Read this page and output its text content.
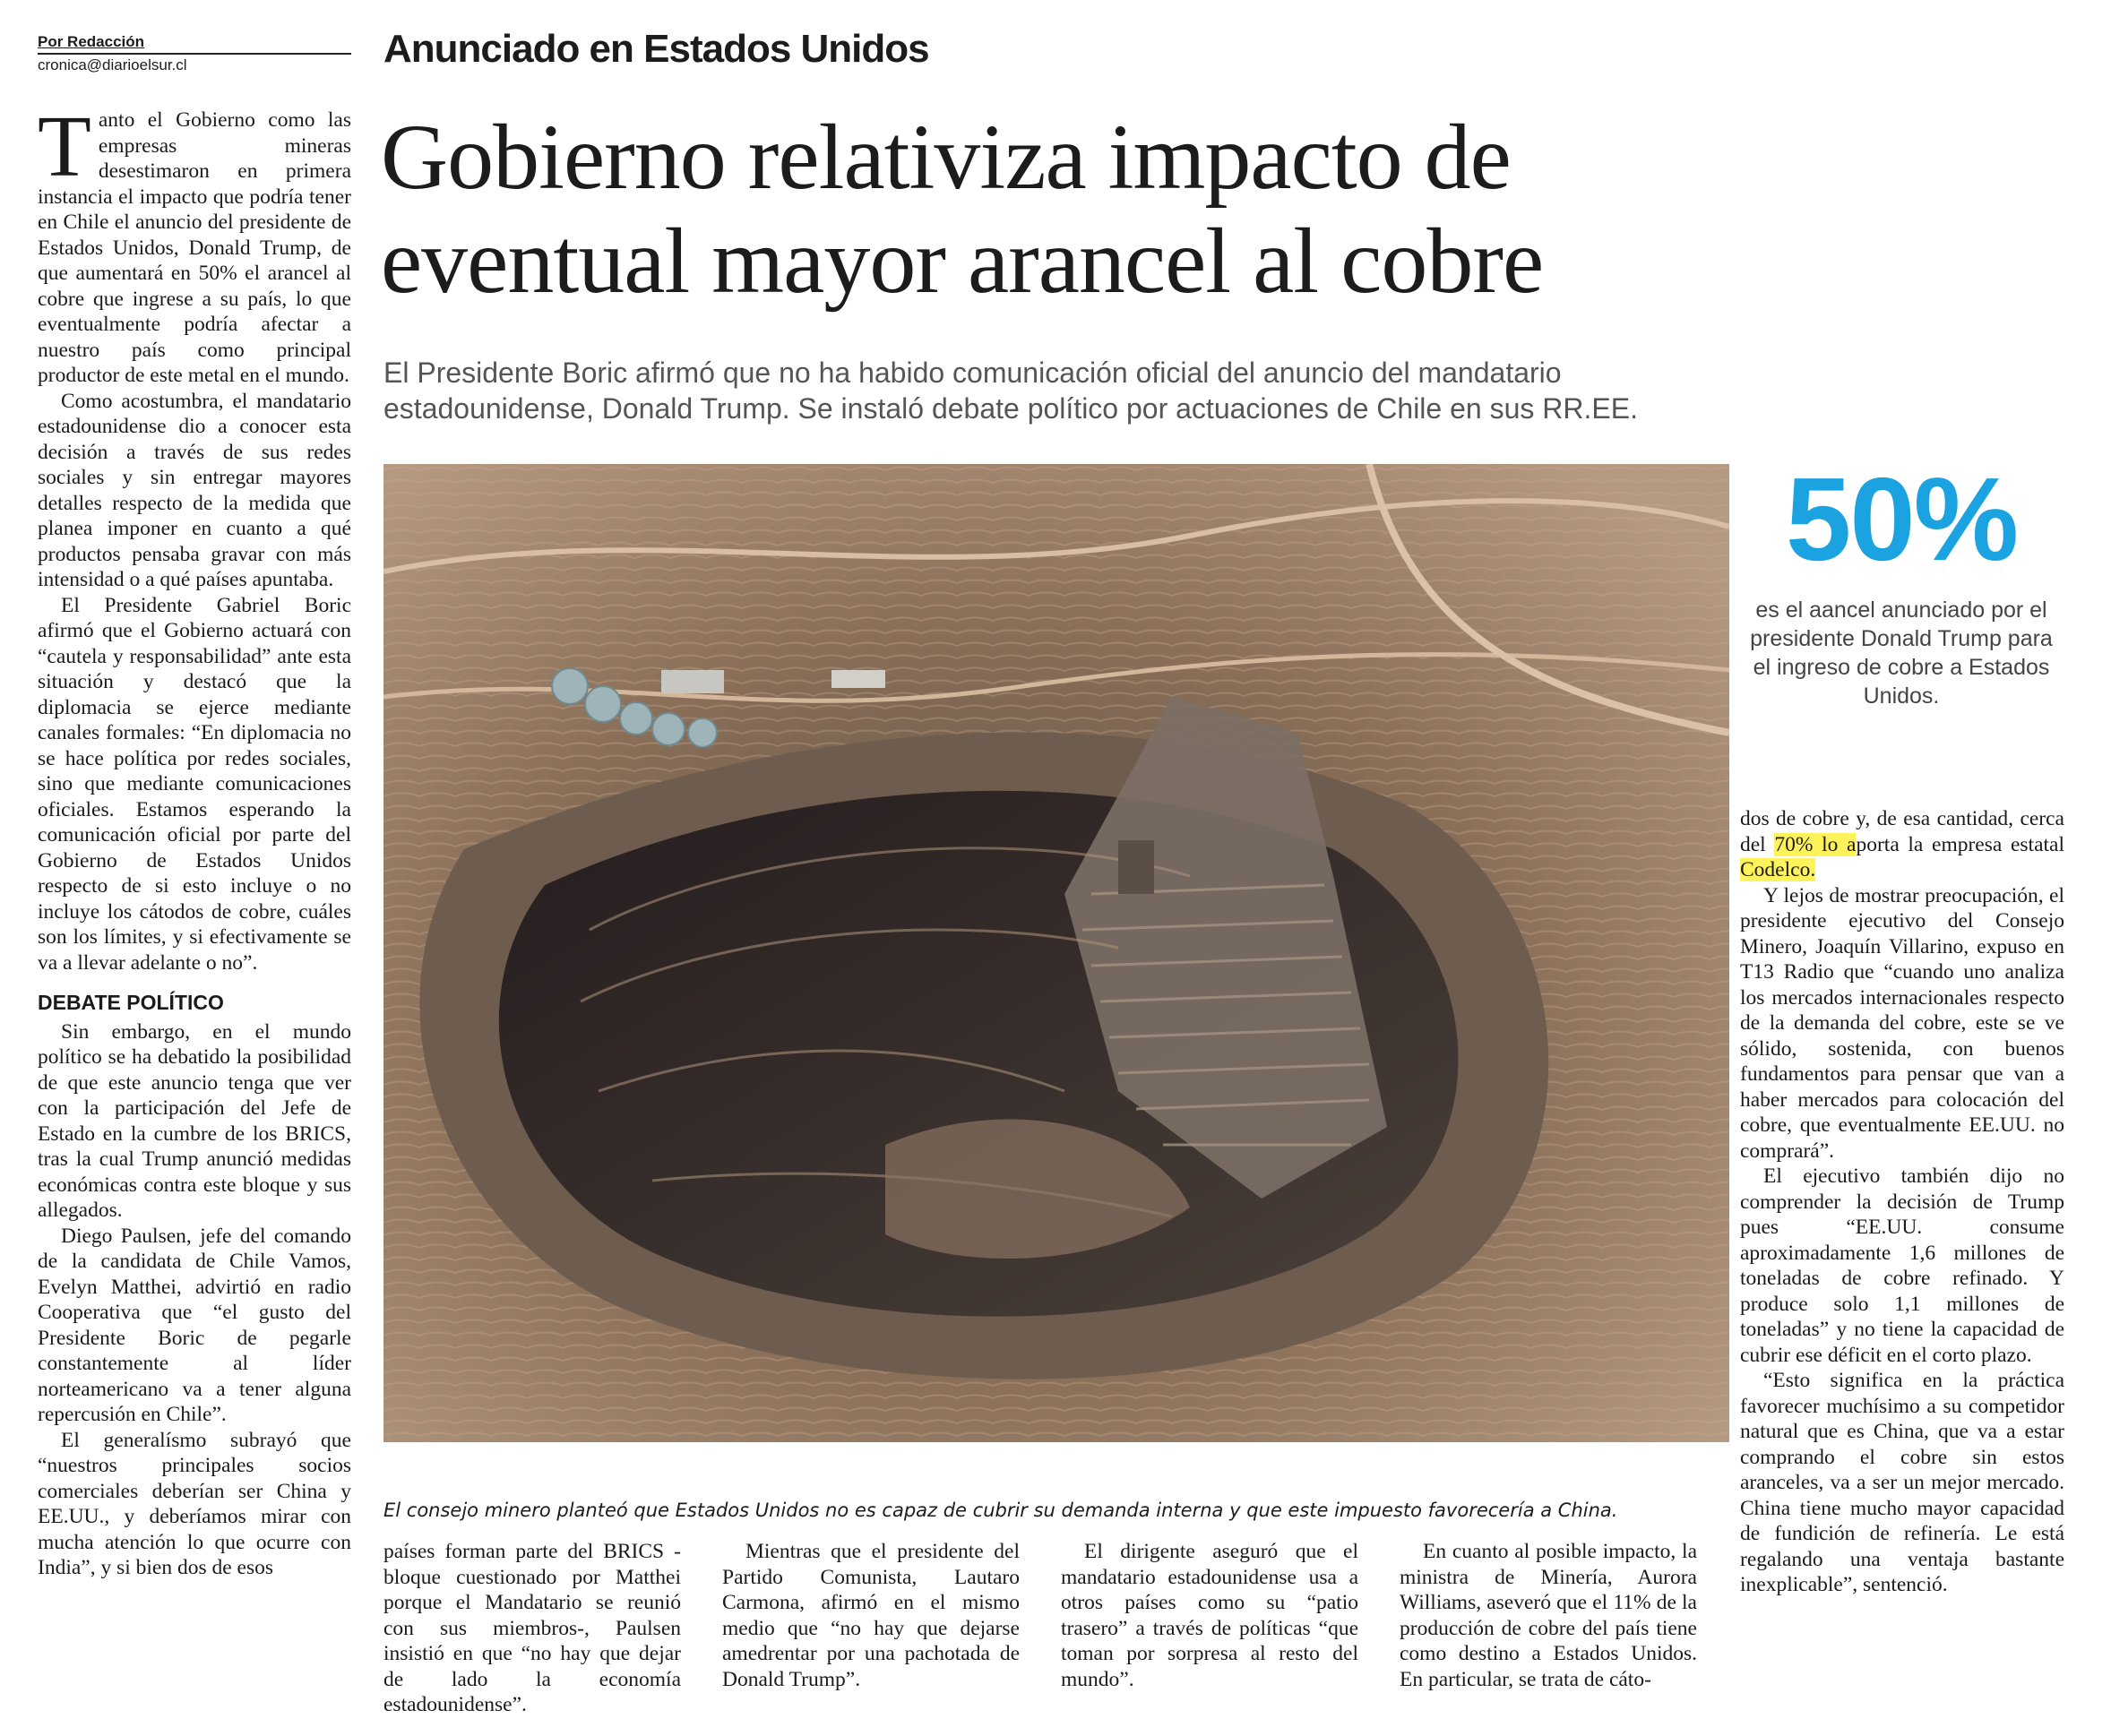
Por Redacción
cronica@diarioelsur.cl	Anunciado en Estados Unidos
Gobierno relativiza impacto de
eventual mayor arancel al cobre
El Presidente Boric afirmó que no ha habido comunicación oficial del anuncio del mandatario estadounidense, Donald Trump. Se instaló debate político por actuaciones de Chile en sus RR.EE.
El consejo minero planteó que Estados Unidos no es capaz de cubrir su demanda interna y que este impuesto favorecería a China.
50%
es el aancel anunciado por el presidente Donald Trump para el ingreso de cobre a Estados Unidos.

Tanto el Gobierno como las empresas mineras desestimaron en primera instancia el impacto que podría tener en Chile el anuncio del presidente de Estados Unidos, Donald Trump, de que aumentará en 50% el arancel al cobre que ingrese a su país, lo que eventualmente podría afectar a nuestro país como principal productor de este metal en el mundo.

Como acostumbra, el mandatario estadounidense dio a conocer esta decisión a través de sus redes sociales y sin entregar mayores detalles respecto de la medida que planea imponer en cuanto a qué productos pensaba gravar con más intensidad o a qué países apuntaba.

El Presidente Gabriel Boric afirmó que el Gobierno actuará con “cautela y responsabilidad” ante esta situación y destacó que la diplomacia se ejerce mediante canales formales: “En diplomacia no se hace política por redes sociales, sino que mediante comunicaciones oficiales. Estamos esperando la comunicación oficial por parte del Gobierno de Estados Unidos respecto de si esto incluye o no incluye los cátodos de cobre, cuáles son los límites, y si efectivamente se va a llevar adelante o no”.

DEBATE POLÍTICO

Sin embargo, en el mundo político se ha debatido la posibilidad de que este anuncio tenga que ver con la participación del Jefe de Estado en la cumbre de los BRICS, tras la cual Trump anunció medidas económicas contra este bloque y sus allegados.

Diego Paulsen, jefe del comando de la candidata de Chile Vamos, Evelyn Matthei, advirtió en radio Cooperativa que “el gusto del Presidente Boric de pegarle constantemente al líder norteamericano va a tener alguna repercusión en Chile”.

El generalísmo subrayó que “nuestros principales socios comerciales deberían ser China y EE.UU., y deberíamos mirar con mucha atención lo que ocurre con India”, y si bien dos de esos

dos de cobre y, de esa cantidad, cerca del 70% lo aporta la empresa estatal Codelco.

Y lejos de mostrar preocupación, el presidente ejecutivo del Consejo Minero, Joaquín Villarino, expuso en T13 Radio que “cuando uno analiza los mercados internacionales respecto de la demanda del cobre, este se ve sólido, sostenida, con buenos fundamentos para pensar que van a haber mercados para colocación del cobre, que eventualmente EE.UU. no comprará”.

El ejecutivo también dijo no comprender la decisión de Trump pues “EE.UU. consume aproximadamente 1,6 millones de toneladas de cobre refinado. Y produce solo 1,1 millones de toneladas” y no tiene la capacidad de cubrir ese déficit en el corto plazo.

“Esto significa en la práctica favorecer muchísimo a su competidor natural que es China, que va a estar comprando el cobre sin estos aranceles, va a ser un mejor mercado. China tiene mucho mayor capacidad de fundición de refinería. Le está regalando una ventaja bastante inexplicable”, sentenció.

países forman parte del BRICS -bloque cuestionado por Matthei porque el Mandatario se reunió con sus miembros-, Paulsen insistió en que “no hay que dejar de lado la economía estadounidense”.

Mientras que el presidente del Partido Comunista, Lautaro Carmona, afirmó en el mismo medio que “no hay que dejarse amedrentar por una pachotada de Donald Trump”.

El dirigente aseguró que el mandatario estadounidense usa a otros países como su “patio trasero” a través de políticas “que toman por sorpresa al resto del mundo”.

En cuanto al posible impacto, la ministra de Minería, Aurora Williams, aseveró que el 11% de la producción de cobre del país tiene como destino a Estados Unidos. En particular, se trata de cáto-
